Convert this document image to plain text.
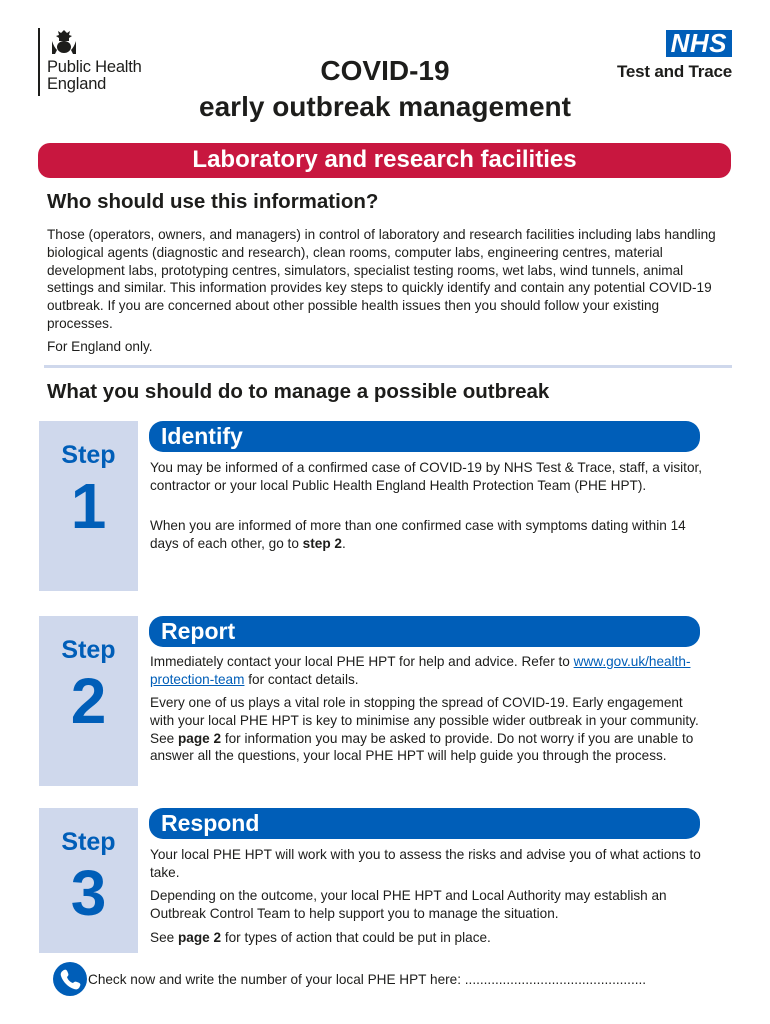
Public Health
England
NHS
Test and Trace
COVID-19
early outbreak management
Laboratory and research facilities
Who should use this information?

Those (operators, owners, and managers) in control of laboratory and research facilities including labs handling biological agents (diagnostic and research), clean rooms, computer labs, engineering centres, material development labs, prototyping centres, simulators, specialist testing rooms, wet labs, wind tunnels, animal settings and similar. This information provides key steps to quickly identify and contain any potential COVID-19 outbreak. If you are concerned about other possible health issues then you should follow your existing processes.

For England only.

What you should do to manage a possible outbreak
Step
1
Identify

You may be informed of a confirmed case of COVID-19 by NHS Test & Trace, staff, a visitor, contractor or your local Public Health England Health Protection Team (PHE HPT).

When you are informed of more than one confirmed case with symptoms dating within 14 days of each other, go to step 2.

Step
2
Report

Immediately contact your local PHE HPT for help and advice. Refer to www.gov.uk/health-protection-team for contact details.

Every one of us plays a vital role in stopping the spread of COVID-19. Early engagement with your local PHE HPT is key to minimise any possible wider outbreak in your community. See page 2 for information you may be asked to provide. Do not worry if you are unable to answer all the questions, your local PHE HPT will help guide you through the process.

Step
3
Respond

Your local PHE HPT will work with you to assess the risks and advise you of what actions to take.

Depending on the outcome, your local PHE HPT and Local Authority may establish an Outbreak Control Team to help support you to manage the situation.

See page 2 for types of action that could be put in place.

Check now and write the number of your local PHE HPT here: ................................................
